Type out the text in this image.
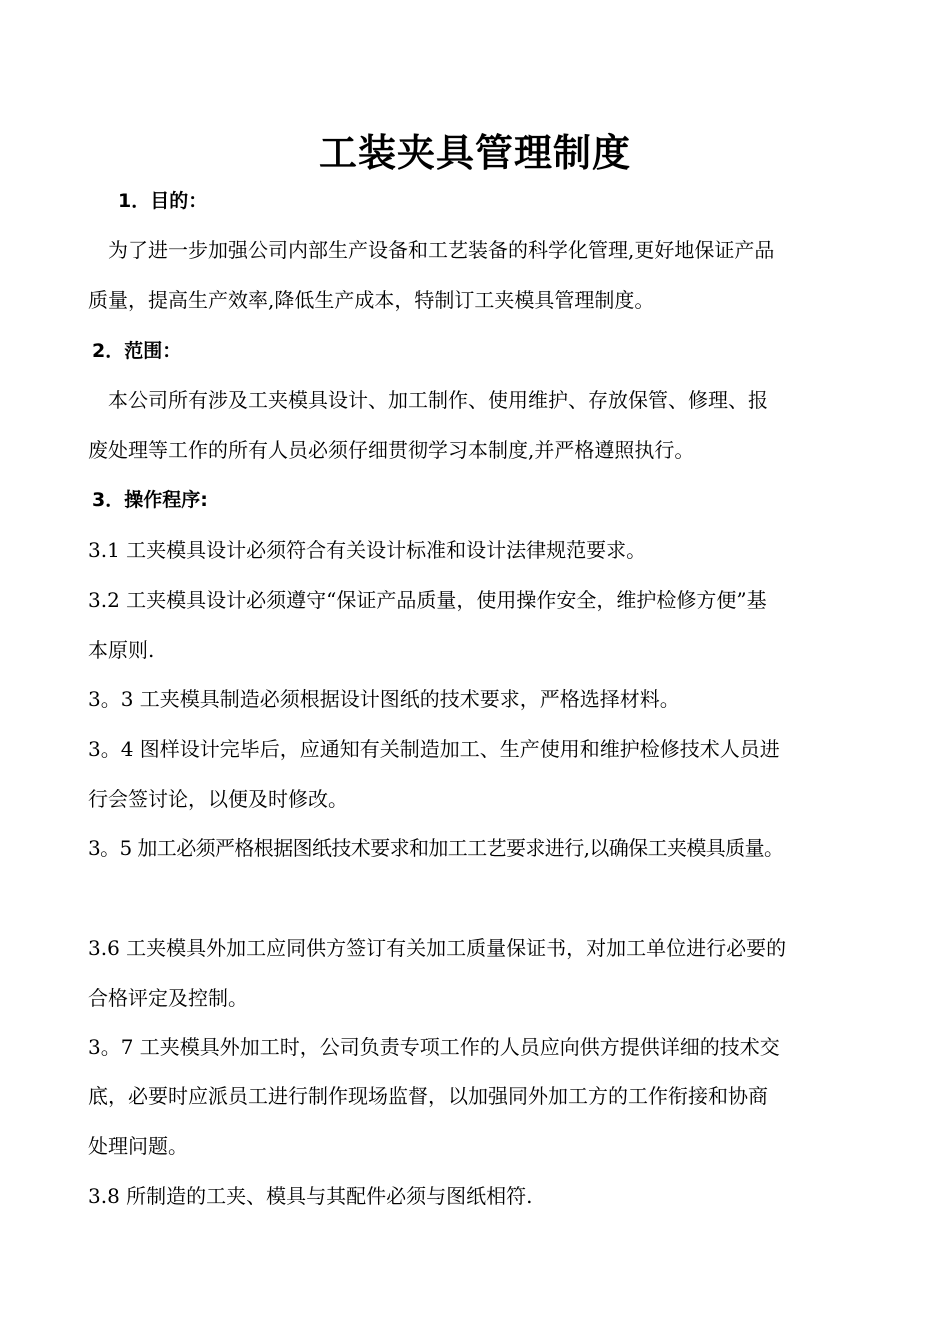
工装夹具管理制度
1．目的：
为了进一步加强公司内部生产设备和工艺装备的科学化管理,更好地保证产品
质量，提高生产效率,降低生产成本，特制订工夹模具管理制度。
2．范围：
本公司所有涉及工夹模具设计、加工制作、使用维护、存放保管、修理、报
废处理等工作的所有人员必须仔细贯彻学习本制度,并严格遵照执行。
3．操作程序:
3.1 工夹模具设计必须符合有关设计标准和设计法律规范要求。
3.2 工夹模具设计必须遵守“保证产品质量，使用操作安全，维护检修方便”基
本原则.
3。3 工夹模具制造必须根据设计图纸的技术要求，严格选择材料。
3。4 图样设计完毕后，应通知有关制造加工、生产使用和维护检修技术人员进
行会签讨论，以便及时修改。
3。5 加工必须严格根据图纸技术要求和加工工艺要求进行,以确保工夹模具质量。
3.6 工夹模具外加工应同供方签订有关加工质量保证书，对加工单位进行必要的
合格评定及控制。
3。7 工夹模具外加工时，公司负责专项工作的人员应向供方提供详细的技术交
底，必要时应派员工进行制作现场监督，以加强同外加工方的工作衔接和协商
处理问题。
3.8 所制造的工夹、模具与其配件必须与图纸相符.
